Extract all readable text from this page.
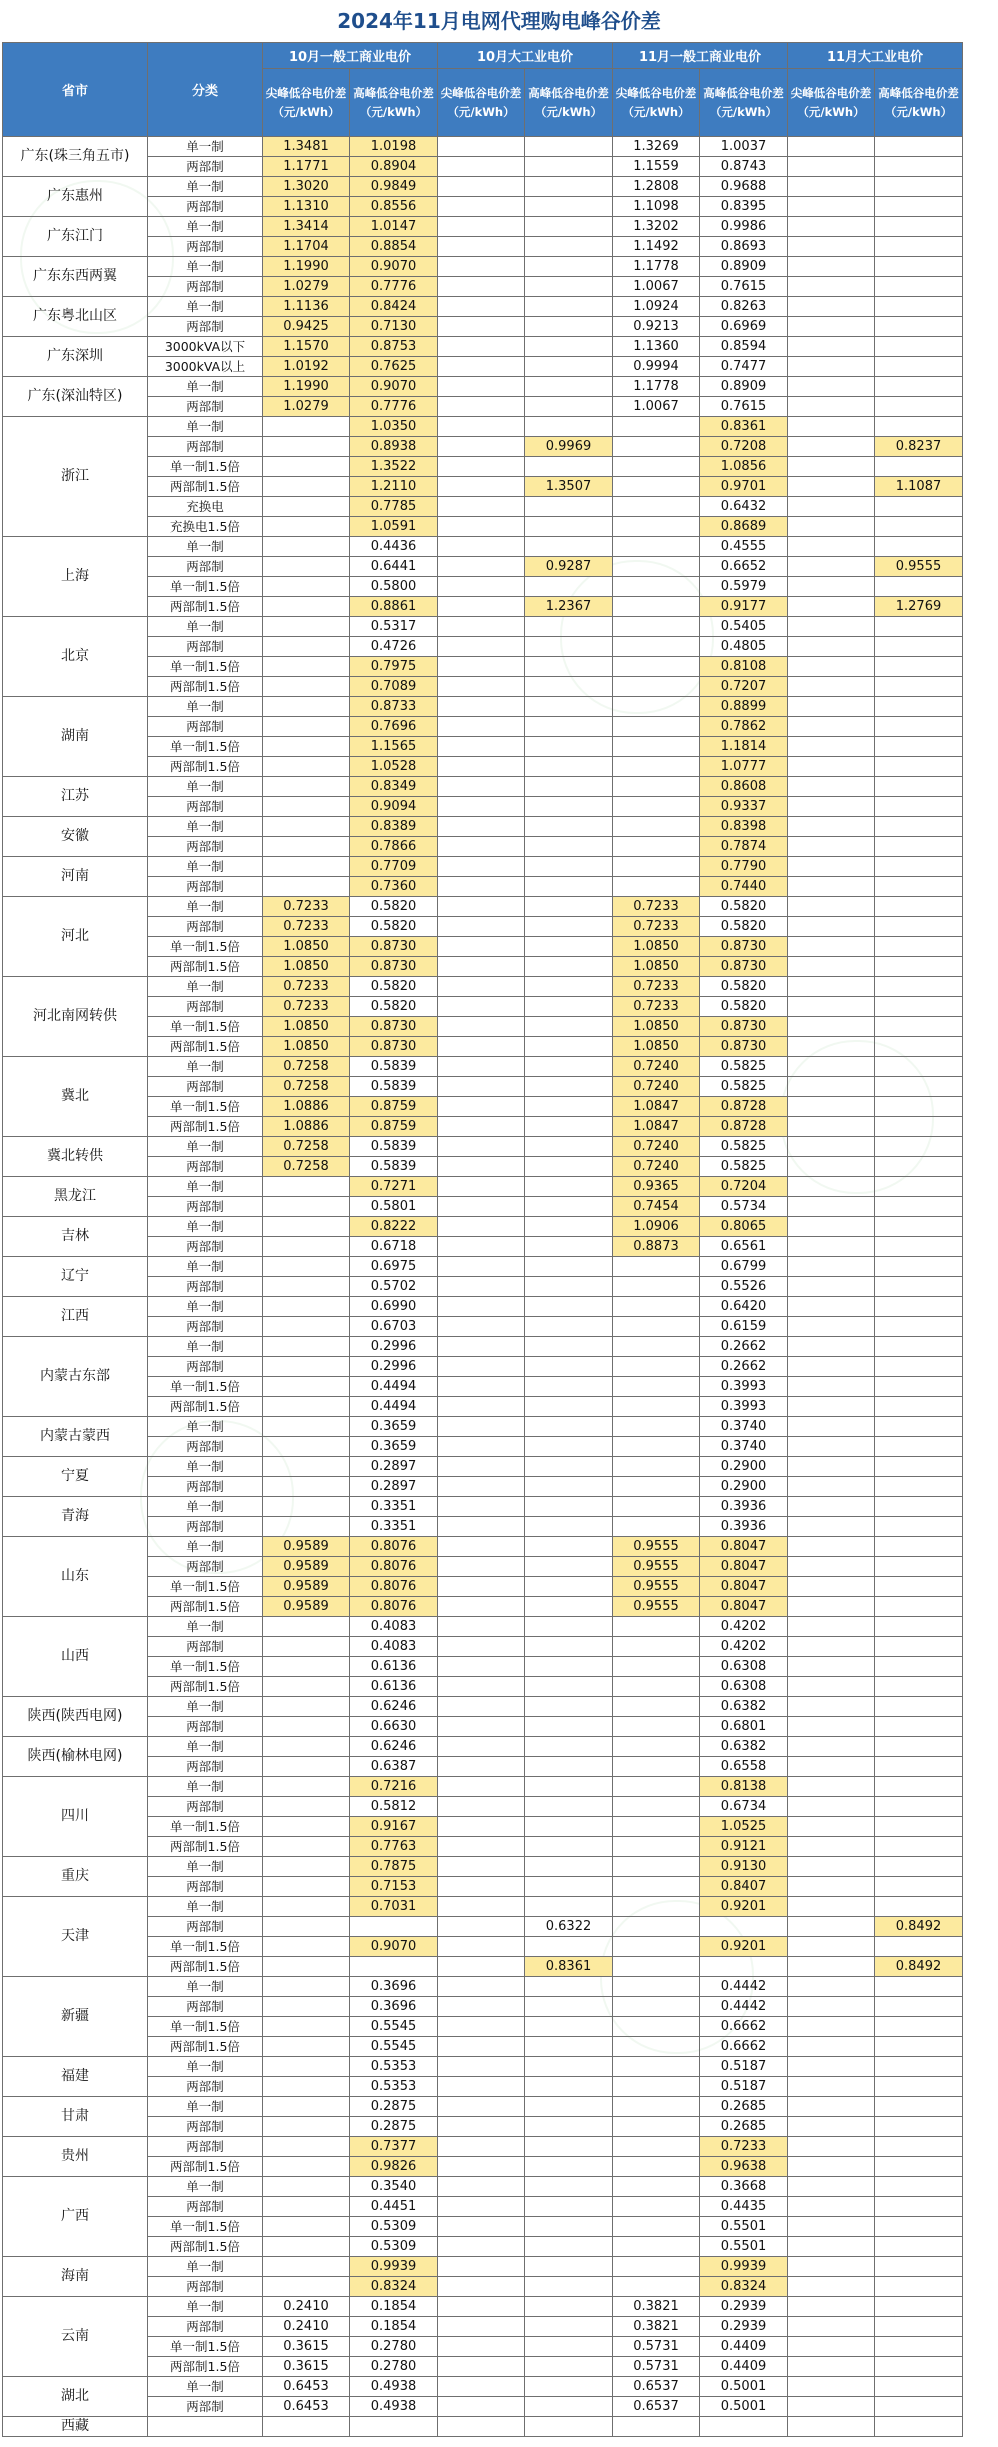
2024年11月电网代理购电峰谷价差
省市	分类	10月一般工商业电价		10月大工业电价		11月一般工商业电价		11月大工业电价	
		尖峰低谷电价差（元/kWh）	高峰低谷电价差（元/kWh）	尖峰低谷电价差（元/kWh）	高峰低谷电价差（元/kWh）	尖峰低谷电价差（元/kWh）	高峰低谷电价差（元/kWh）	尖峰低谷电价差（元/kWh）	高峰低谷电价差（元/kWh）
广东(珠三角五市)	单一制	1.3481	1.0198			1.3269	1.0037		
	两部制	1.1771	0.8904			1.1559	0.8743		
广东惠州	单一制	1.3020	0.9849			1.2808	0.9688		
	两部制	1.1310	0.8556			1.1098	0.8395		
广东江门	单一制	1.3414	1.0147			1.3202	0.9986		
	两部制	1.1704	0.8854			1.1492	0.8693		
广东东西两翼	单一制	1.1990	0.9070			1.1778	0.8909		
	两部制	1.0279	0.7776			1.0067	0.7615		
广东粤北山区	单一制	1.1136	0.8424			1.0924	0.8263		
	两部制	0.9425	0.7130			0.9213	0.6969		
广东深圳	3000kVA以下	1.1570	0.8753			1.1360	0.8594		
	3000kVA以上	1.0192	0.7625			0.9994	0.7477		
广东(深汕特区)	单一制	1.1990	0.9070			1.1778	0.8909		
	两部制	1.0279	0.7776			1.0067	0.7615		
浙江	单一制		1.0350				0.8361		
	两部制		0.8938		0.9969		0.7208		0.8237
	单一制1.5倍		1.3522				1.0856		
	两部制1.5倍		1.2110		1.3507		0.9701		1.1087
	充换电		0.7785				0.6432		
	充换电1.5倍		1.0591				0.8689		
上海	单一制		0.4436				0.4555		
	两部制		0.6441		0.9287		0.6652		0.9555
	单一制1.5倍		0.5800				0.5979		
	两部制1.5倍		0.8861		1.2367		0.9177		1.2769
北京	单一制		0.5317				0.5405		
	两部制		0.4726				0.4805		
	单一制1.5倍		0.7975				0.8108		
	两部制1.5倍		0.7089				0.7207		
湖南	单一制		0.8733				0.8899		
	两部制		0.7696				0.7862		
	单一制1.5倍		1.1565				1.1814		
	两部制1.5倍		1.0528				1.0777		
江苏	单一制		0.8349				0.8608		
	两部制		0.9094				0.9337		
安徽	单一制		0.8389				0.8398		
	两部制		0.7866				0.7874		
河南	单一制		0.7709				0.7790		
	两部制		0.7360				0.7440		
河北	单一制	0.7233	0.5820			0.7233	0.5820		
	两部制	0.7233	0.5820			0.7233	0.5820		
	单一制1.5倍	1.0850	0.8730			1.0850	0.8730		
	两部制1.5倍	1.0850	0.8730			1.0850	0.8730		
河北南网转供	单一制	0.7233	0.5820			0.7233	0.5820		
	两部制	0.7233	0.5820			0.7233	0.5820		
	单一制1.5倍	1.0850	0.8730			1.0850	0.8730		
	两部制1.5倍	1.0850	0.8730			1.0850	0.8730		
冀北	单一制	0.7258	0.5839			0.7240	0.5825		
	两部制	0.7258	0.5839			0.7240	0.5825		
	单一制1.5倍	1.0886	0.8759			1.0847	0.8728		
	两部制1.5倍	1.0886	0.8759			1.0847	0.8728		
冀北转供	单一制	0.7258	0.5839			0.7240	0.5825		
	两部制	0.7258	0.5839			0.7240	0.5825		
黑龙江	单一制		0.7271			0.9365	0.7204		
	两部制		0.5801			0.7454	0.5734		
吉林	单一制		0.8222			1.0906	0.8065		
	两部制		0.6718			0.8873	0.6561		
辽宁	单一制		0.6975				0.6799		
	两部制		0.5702				0.5526		
江西	单一制		0.6990				0.6420		
	两部制		0.6703				0.6159		
内蒙古东部	单一制		0.2996				0.2662		
	两部制		0.2996				0.2662		
	单一制1.5倍		0.4494				0.3993		
	两部制1.5倍		0.4494				0.3993		
内蒙古蒙西	单一制		0.3659				0.3740		
	两部制		0.3659				0.3740		
宁夏	单一制		0.2897				0.2900		
	两部制		0.2897				0.2900		
青海	单一制		0.3351				0.3936		
	两部制		0.3351				0.3936		
山东	单一制	0.9589	0.8076			0.9555	0.8047		
	两部制	0.9589	0.8076			0.9555	0.8047		
	单一制1.5倍	0.9589	0.8076			0.9555	0.8047		
	两部制1.5倍	0.9589	0.8076			0.9555	0.8047		
山西	单一制		0.4083				0.4202		
	两部制		0.4083				0.4202		
	单一制1.5倍		0.6136				0.6308		
	两部制1.5倍		0.6136				0.6308		
陕西(陕西电网)	单一制		0.6246				0.6382		
	两部制		0.6630				0.6801		
陕西(榆林电网)	单一制		0.6246				0.6382		
	两部制		0.6387				0.6558		
四川	单一制		0.7216				0.8138		
	两部制		0.5812				0.6734		
	单一制1.5倍		0.9167				1.0525		
	两部制1.5倍		0.7763				0.9121		
重庆	单一制		0.7875				0.9130		
	两部制		0.7153				0.8407		
天津	单一制		0.7031				0.9201		
	两部制				0.6322				0.8492
	单一制1.5倍		0.9070				0.9201		
	两部制1.5倍				0.8361				0.8492
新疆	单一制		0.3696				0.4442		
	两部制		0.3696				0.4442		
	单一制1.5倍		0.5545				0.6662		
	两部制1.5倍		0.5545				0.6662		
福建	单一制		0.5353				0.5187		
	两部制		0.5353				0.5187		
甘肃	单一制		0.2875				0.2685		
	两部制		0.2875				0.2685		
贵州	两部制		0.7377				0.7233		
	两部制1.5倍		0.9826				0.9638		
广西	单一制		0.3540				0.3668		
	两部制		0.4451				0.4435		
	单一制1.5倍		0.5309				0.5501		
	两部制1.5倍		0.5309				0.5501		
海南	单一制		0.9939				0.9939		
	两部制		0.8324				0.8324		
云南	单一制	0.2410	0.1854			0.3821	0.2939		
	两部制	0.2410	0.1854			0.3821	0.2939		
	单一制1.5倍	0.3615	0.2780			0.5731	0.4409		
	两部制1.5倍	0.3615	0.2780			0.5731	0.4409		
湖北	单一制	0.6453	0.4938			0.6537	0.5001		
	两部制	0.6453	0.4938			0.6537	0.5001		
西藏									
